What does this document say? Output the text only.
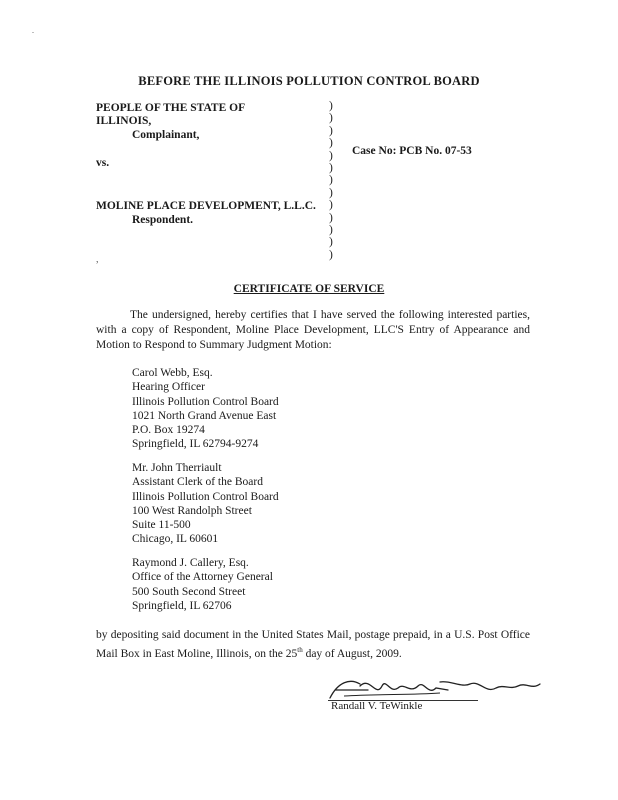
.
,
BEFORE THE ILLINOIS POLLUTION CONTROL BOARD
PEOPLE OF THE STATE OF
ILLINOIS,
Complainant,
vs.
MOLINE PLACE DEVELOPMENT, L.L.C.
Respondent.
)
)
)
)
)
)
)
)
)
)
)
)
)
Case No: PCB No. 07-53
CERTIFICATE OF SERVICE
The undersigned, hereby certifies that I have served the following interested parties, with a copy of Respondent, Moline Place Development, LLC'S Entry of Appearance and Motion to Respond to Summary Judgment Motion:
Carol Webb, Esq.
Hearing Officer
Illinois Pollution Control Board
1021 North Grand Avenue East
P.O. Box 19274
Springfield, IL 62794-9274
Mr. John Therriault
Assistant Clerk of the Board
Illinois Pollution Control Board
100 West Randolph Street
Suite 11-500
Chicago, IL 60601
Raymond J. Callery, Esq.
Office of the Attorney General
500 South Second Street
Springfield, IL 62706
by depositing said document in the United States Mail, postage prepaid, in a U.S. Post Office Mail Box in East Moline, Illinois, on the 25th day of August, 2009.
Randall V. TeWinkle
